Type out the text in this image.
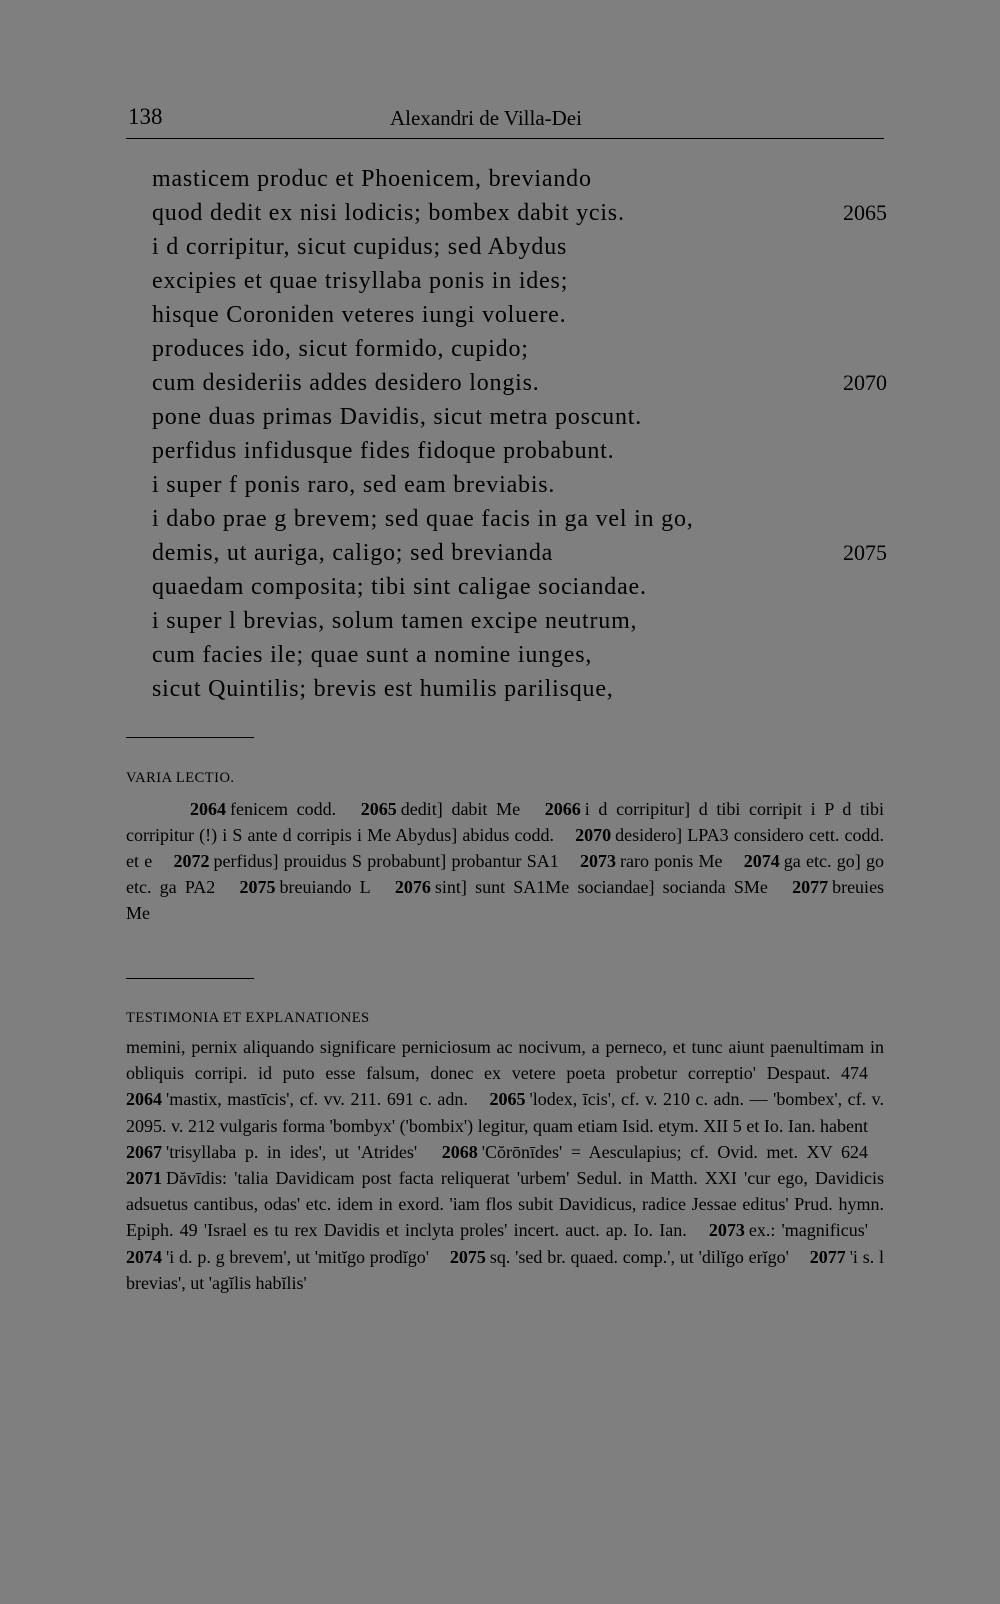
138	Alexandri de Villa-Dei
masticem produc et Phoenicem, breviando
quod dedit ex nisi lodicis; bombex dabit ycis.	2065
i d corripitur, sicut cupidus; sed Abydus
excipies et quae trisyllaba ponis in ides;
hisque Coroniden veteres iungi voluere.
produces ido, sicut formido, cupido;
cum desideriis addes desidero longis.	2070
pone duas primas Davidis, sicut metra poscunt.
perfidus infidusque fides fidoque probabunt.
i super f ponis raro, sed eam breviabis.
i dabo prae g brevem; sed quae facis in ga vel in go,
demis, ut auriga, caligo; sed brevianda	2075
quaedam composita; tibi sint caligae sociandae.
i super l brevias, solum tamen excipe neutrum,
cum facies ile; quae sunt a nomine iunges,
sicut Quintilis; brevis est humilis parilisque,
VARIA LECTIO.
2064 fenicem codd. 2065 dedit] dabit Me 2066 i d corripitur] d tibi corripit i P d tibi corripitur (!) i S ante d corripis i Me Abydus] abidus codd. 2070 desidero] LPA3 considero cett. codd. et e 2072 perfidus] prouidus S probabunt] probantur SA1 2073 raro ponis Me 2074 ga etc. go] go etc. ga PA2 2075 breuiando L 2076 sint] sunt SA1Me sociandae] socianda SMe 2077 breuies Me
TESTIMONIA ET EXPLANATIONES
memini, pernix aliquando significare perniciosum ac nocivum, a perneco, et tunc aiunt paenultimam in obliquis corripi. id puto esse falsum, donec ex vetere poeta probetur correptio' Despaut. 474 2064 'mastix, mastīcis', cf. vv. 211. 691 c. adn. 2065 'lodex, īcis', cf. v. 210 c. adn. — 'bombex', cf. v. 2095. v. 212 vulgaris forma 'bombyx' ('bombix') legitur, quam etiam Isid. etym. XII 5 et Io. Ian. habent 2067 'trisyllaba p. in ides', ut 'Atrides' 2068 'Cŏrōnīdes' = Aesculapius; cf. Ovid. met. XV 624 2071 Dăvīdis: 'talia Davidicam post facta reliquerat 'urbem' Sedul. in Matth. XXI 'cur ego, Davidicis adsuetus cantibus, odas' etc. idem in exord. 'iam flos subit Davidicus, radice Jessae editus' Prud. hymn. Epiph. 49 'Israel es tu rex Davidis et inclyta proles' incert. auct. ap. Io. Ian. 2073 ex.: 'magnificus' 2074 'i d. p. g brevem', ut 'mitĭgo prodĭgo' 2075 sq. 'sed br. quaed. comp.', ut 'dilĭgo erĭgo' 2077 'i s. l brevias', ut 'agĭlis habĭlis'
